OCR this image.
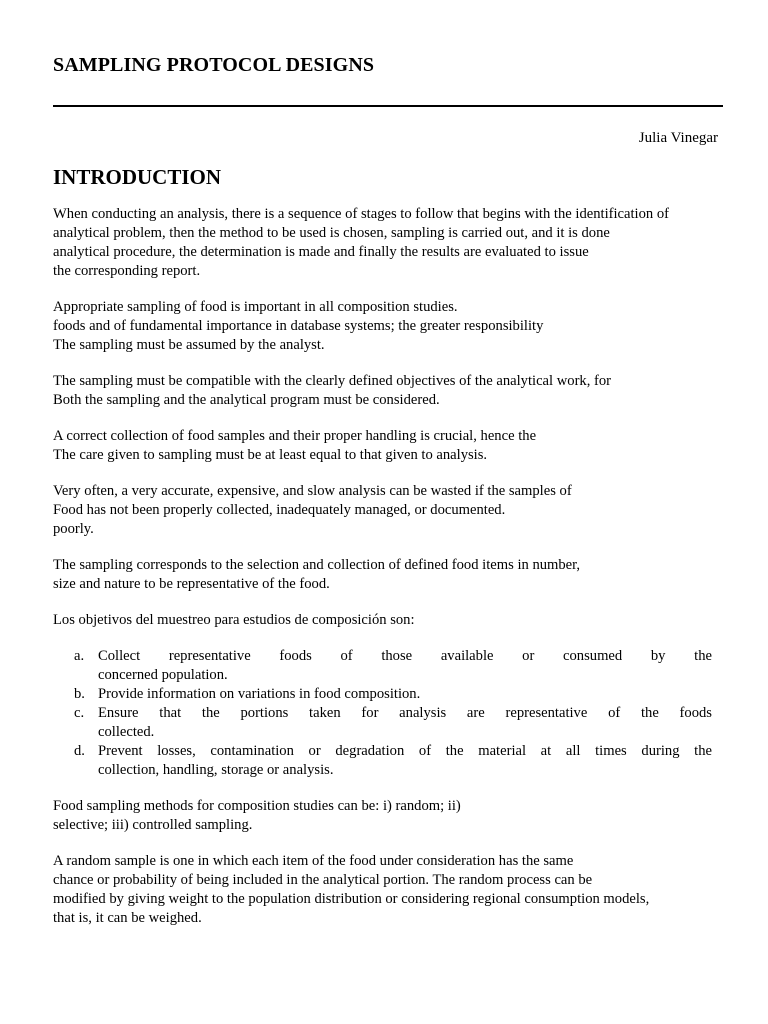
SAMPLING PROTOCOL DESIGNS
Julia Vinegar
INTRODUCTION

When conducting an analysis, there is a sequence of stages to follow that begins with the identification of
analytical problem, then the method to be used is chosen, sampling is carried out, and it is done
analytical procedure, the determination is made and finally the results are evaluated to issue
the corresponding report.

Appropriate sampling of food is important in all composition studies.
foods and of fundamental importance in database systems; the greater responsibility
The sampling must be assumed by the analyst.

The sampling must be compatible with the clearly defined objectives of the analytical work, for
Both the sampling and the analytical program must be considered.

A correct collection of food samples and their proper handling is crucial, hence the
The care given to sampling must be at least equal to that given to analysis.

Very often, a very accurate, expensive, and slow analysis can be wasted if the samples of
Food has not been properly collected, inadequately managed, or documented.
poorly.

The sampling corresponds to the selection and collection of defined food items in number,
size and nature to be representative of the food.

Los objetivos del muestreo para estudios de composición son:

a. Collect representative foods of those available or consumed by the
concerned population.
b. Provide information on variations in food composition.
c. Ensure that the portions taken for analysis are representative of the foods
collected.
d. Prevent losses, contamination or degradation of the material at all times during the
collection, handling, storage or analysis.

Food sampling methods for composition studies can be: i) random; ii)
selective; iii) controlled sampling.

A random sample is one in which each item of the food under consideration has the same
chance or probability of being included in the analytical portion. The random process can be
modified by giving weight to the population distribution or considering regional consumption models,
that is, it can be weighed.
